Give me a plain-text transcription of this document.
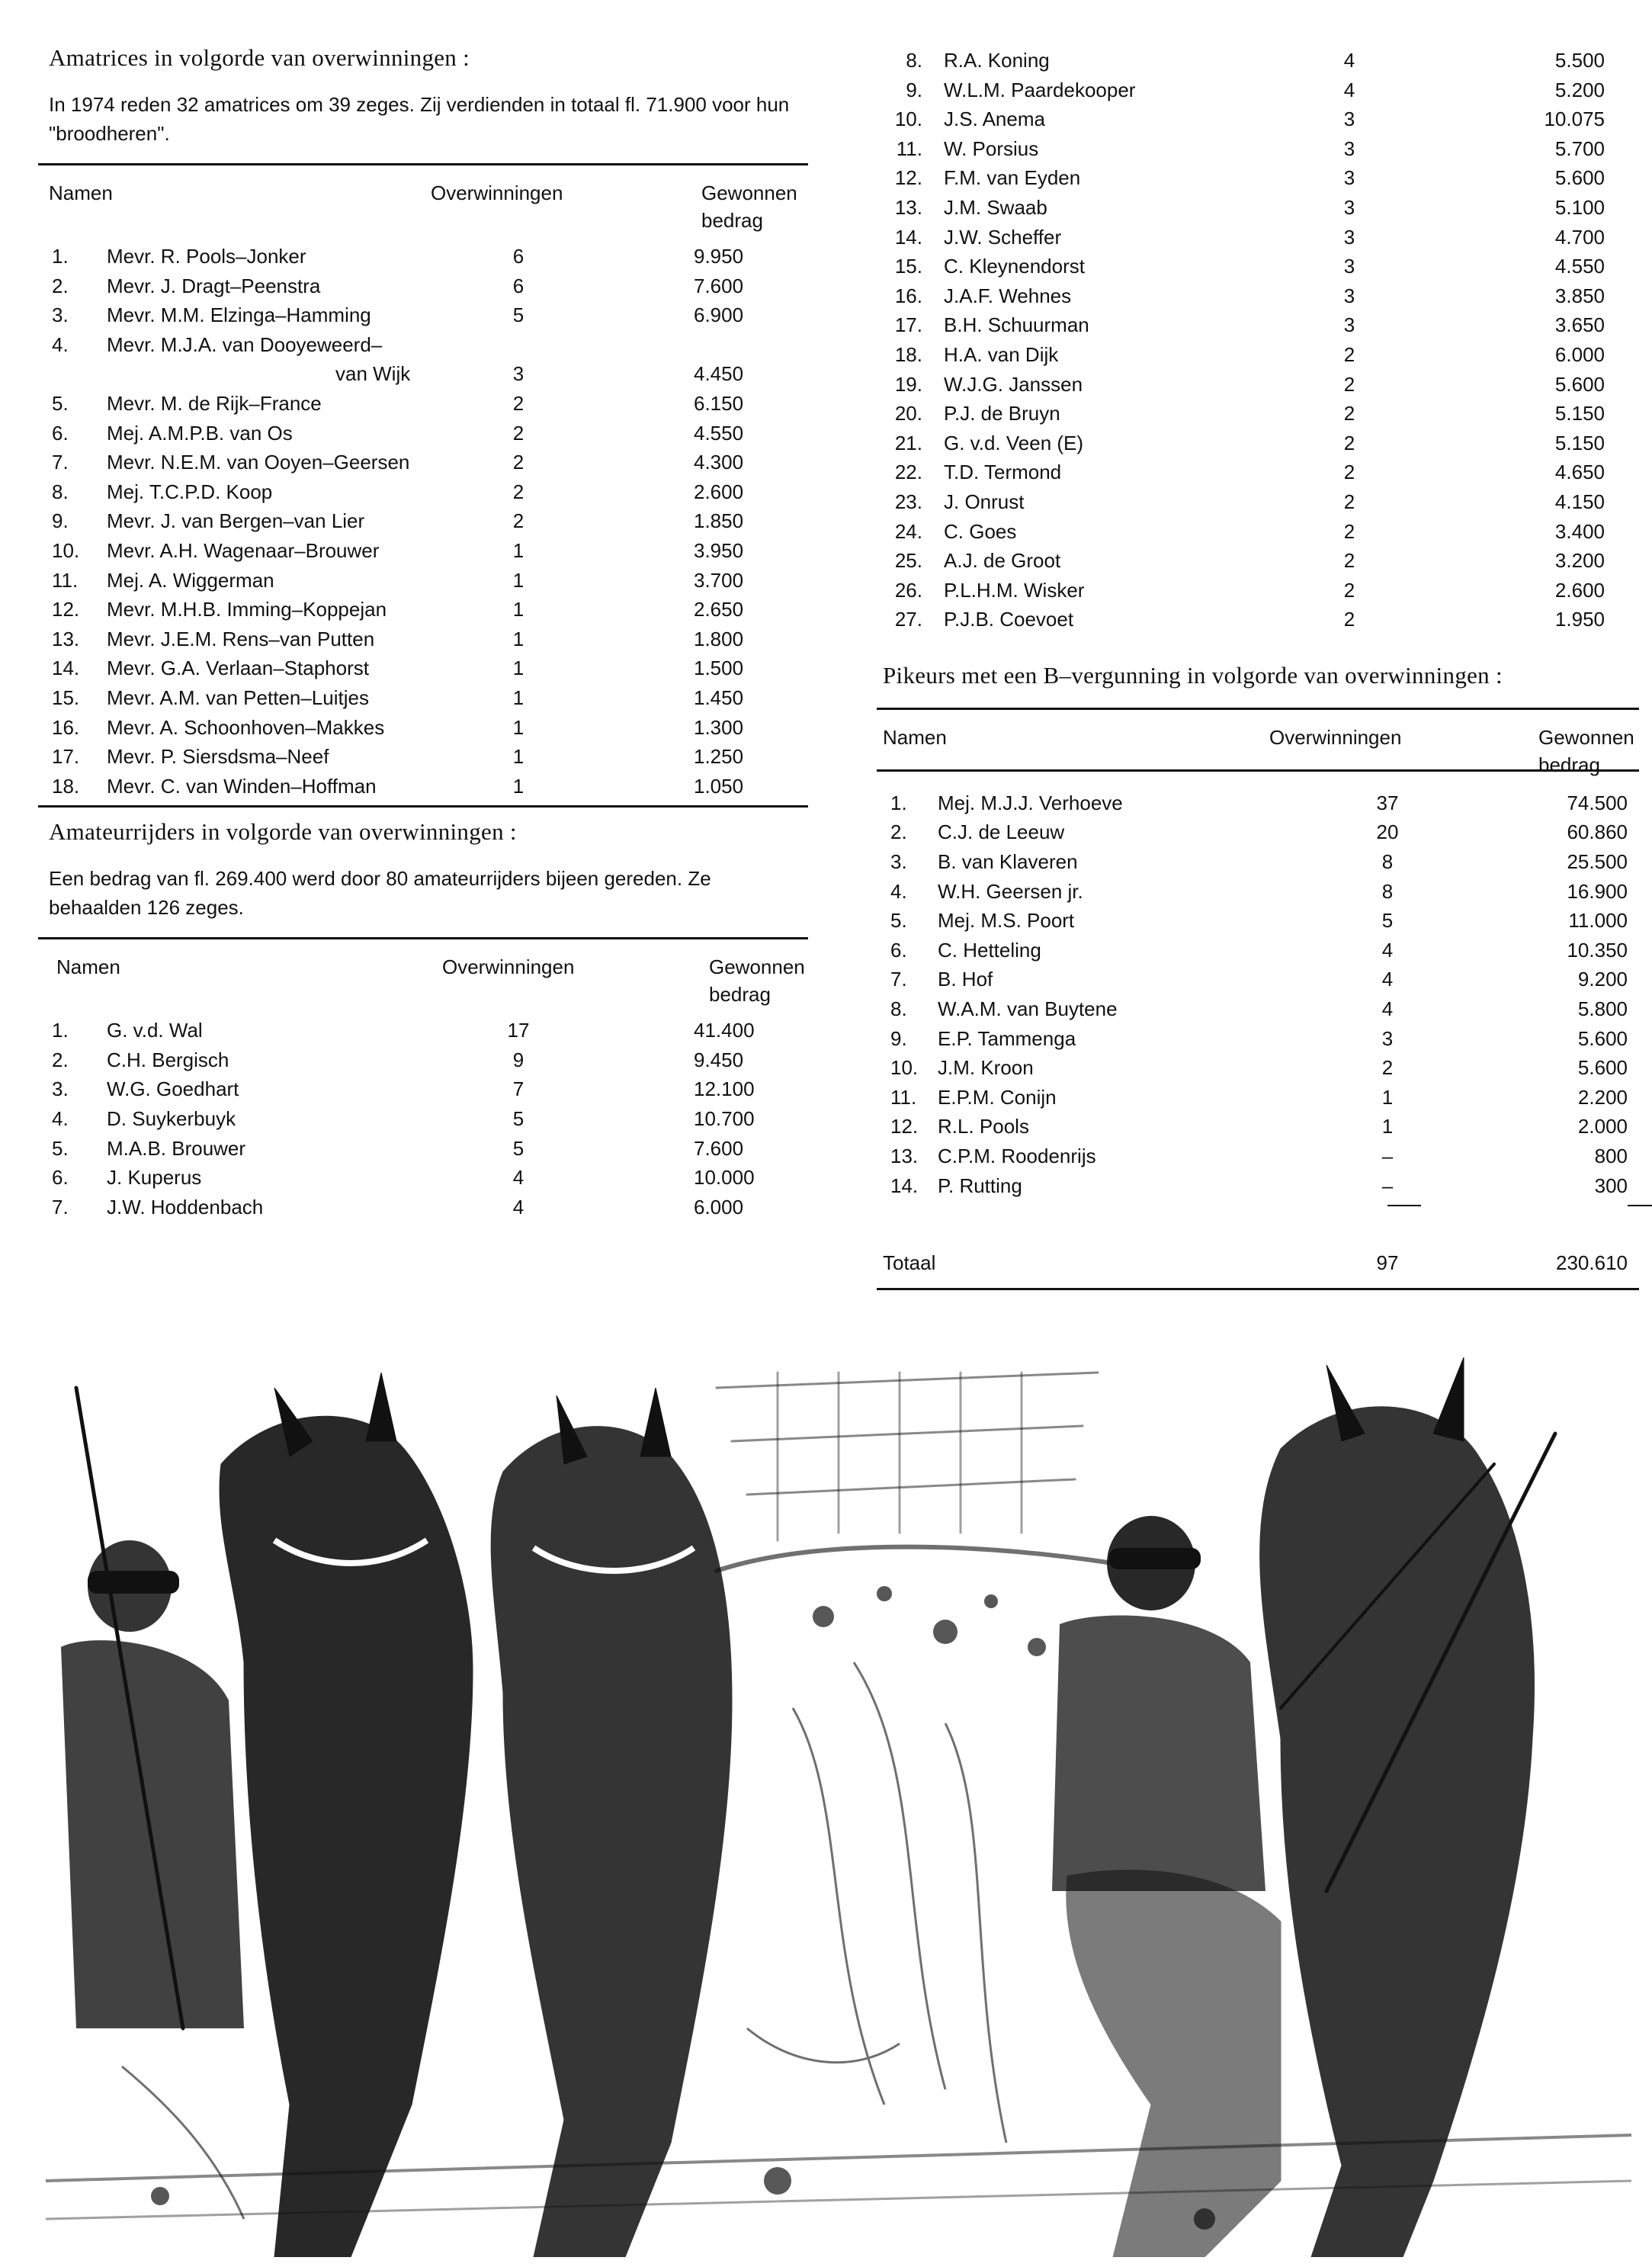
Amatrices in volgorde van overwinningen :
In 1974 reden 32 amatrices om 39 zeges. Zij verdienden in totaal fl. 71.900 voor hun "broodheren".
Namen	Overwinningen	Gewonnen
bedrag
1. Mevr. R. Pools–Jonker	6	9.950
2. Mevr. J. Dragt–Peenstra	6	7.600
3. Mevr. M.M. Elzinga–Hamming	5	6.900
4. Mevr. M.J.A. van Dooyeweerd–
van Wijk	3	4.450
5. Mevr. M. de Rijk–France	2	6.150
6. Mej. A.M.P.B. van Os	2	4.550
7. Mevr. N.E.M. van Ooyen–Geersen	2	4.300
8. Mej. T.C.P.D. Koop	2	2.600
9. Mevr. J. van Bergen–van Lier	2	1.850
10. Mevr. A.H. Wagenaar–Brouwer	1	3.950
11. Mej. A. Wiggerman	1	3.700
12. Mevr. M.H.B. Imming–Koppejan	1	2.650
13. Mevr. J.E.M. Rens–van Putten	1	1.800
14. Mevr. G.A. Verlaan–Staphorst	1	1.500
15. Mevr. A.M. van Petten–Luitjes	1	1.450
16. Mevr. A. Schoonhoven–Makkes	1	1.300
17. Mevr. P. Siersdsma–Neef	1	1.250
18. Mevr. C. van Winden–Hoffman	1	1.050
Amateurrijders in volgorde van overwinningen :
Een bedrag van fl. 269.400 werd door 80 amateurrijders bijeen gereden. Ze behaalden 126 zeges.
Namen	Overwinningen	Gewonnen
bedrag
1. G. v.d. Wal	17	41.400
2. C.H. Bergisch	9	9.450
3. W.G. Goedhart	7	12.100
4. D. Suykerbuyk	5	10.700
5. M.A.B. Brouwer	5	7.600
6. J. Kuperus	4	10.000
7. J.W. Hoddenbach	4	6.000
8. R.A. Koning	4	5.500
9. W.L.M. Paardekooper	4	5.200
10. J.S. Anema	3	10.075
11. W. Porsius	3	5.700
12. F.M. van Eyden	3	5.600
13. J.M. Swaab	3	5.100
14. J.W. Scheffer	3	4.700
15. C. Kleynendorst	3	4.550
16. J.A.F. Wehnes	3	3.850
17. B.H. Schuurman	3	3.650
18. H.A. van Dijk	2	6.000
19. W.J.G. Janssen	2	5.600
20. P.J. de Bruyn	2	5.150
21. G. v.d. Veen (E)	2	5.150
22. T.D. Termond	2	4.650
23. J. Onrust	2	4.150
24. C. Goes	2	3.400
25. A.J. de Groot	2	3.200
26. P.L.H.M. Wisker	2	2.600
27. P.J.B. Coevoet	2	1.950
Pikeurs met een B–vergunning in volgorde van overwinningen :
Namen	Overwinningen	Gewonnen
bedrag
1. Mej. M.J.J. Verhoeve	37	74.500
2. C.J. de Leeuw	20	60.860
3. B. van Klaveren	8	25.500
4. W.H. Geersen jr.	8	16.900
5. Mej. M.S. Poort	5	11.000
6. C. Hetteling	4	10.350
7. B. Hof	4	9.200
8. W.A.M. van Buytene	4	5.800
9. E.P. Tammenga	3	5.600
10. J.M. Kroon	2	5.600
11. E.P.M. Conijn	1	2.200
12. R.L. Pools	1	2.000
13. C.P.M. Roodenrijs	–	800
14. P. Rutting	–	300
Totaal	97	230.610
